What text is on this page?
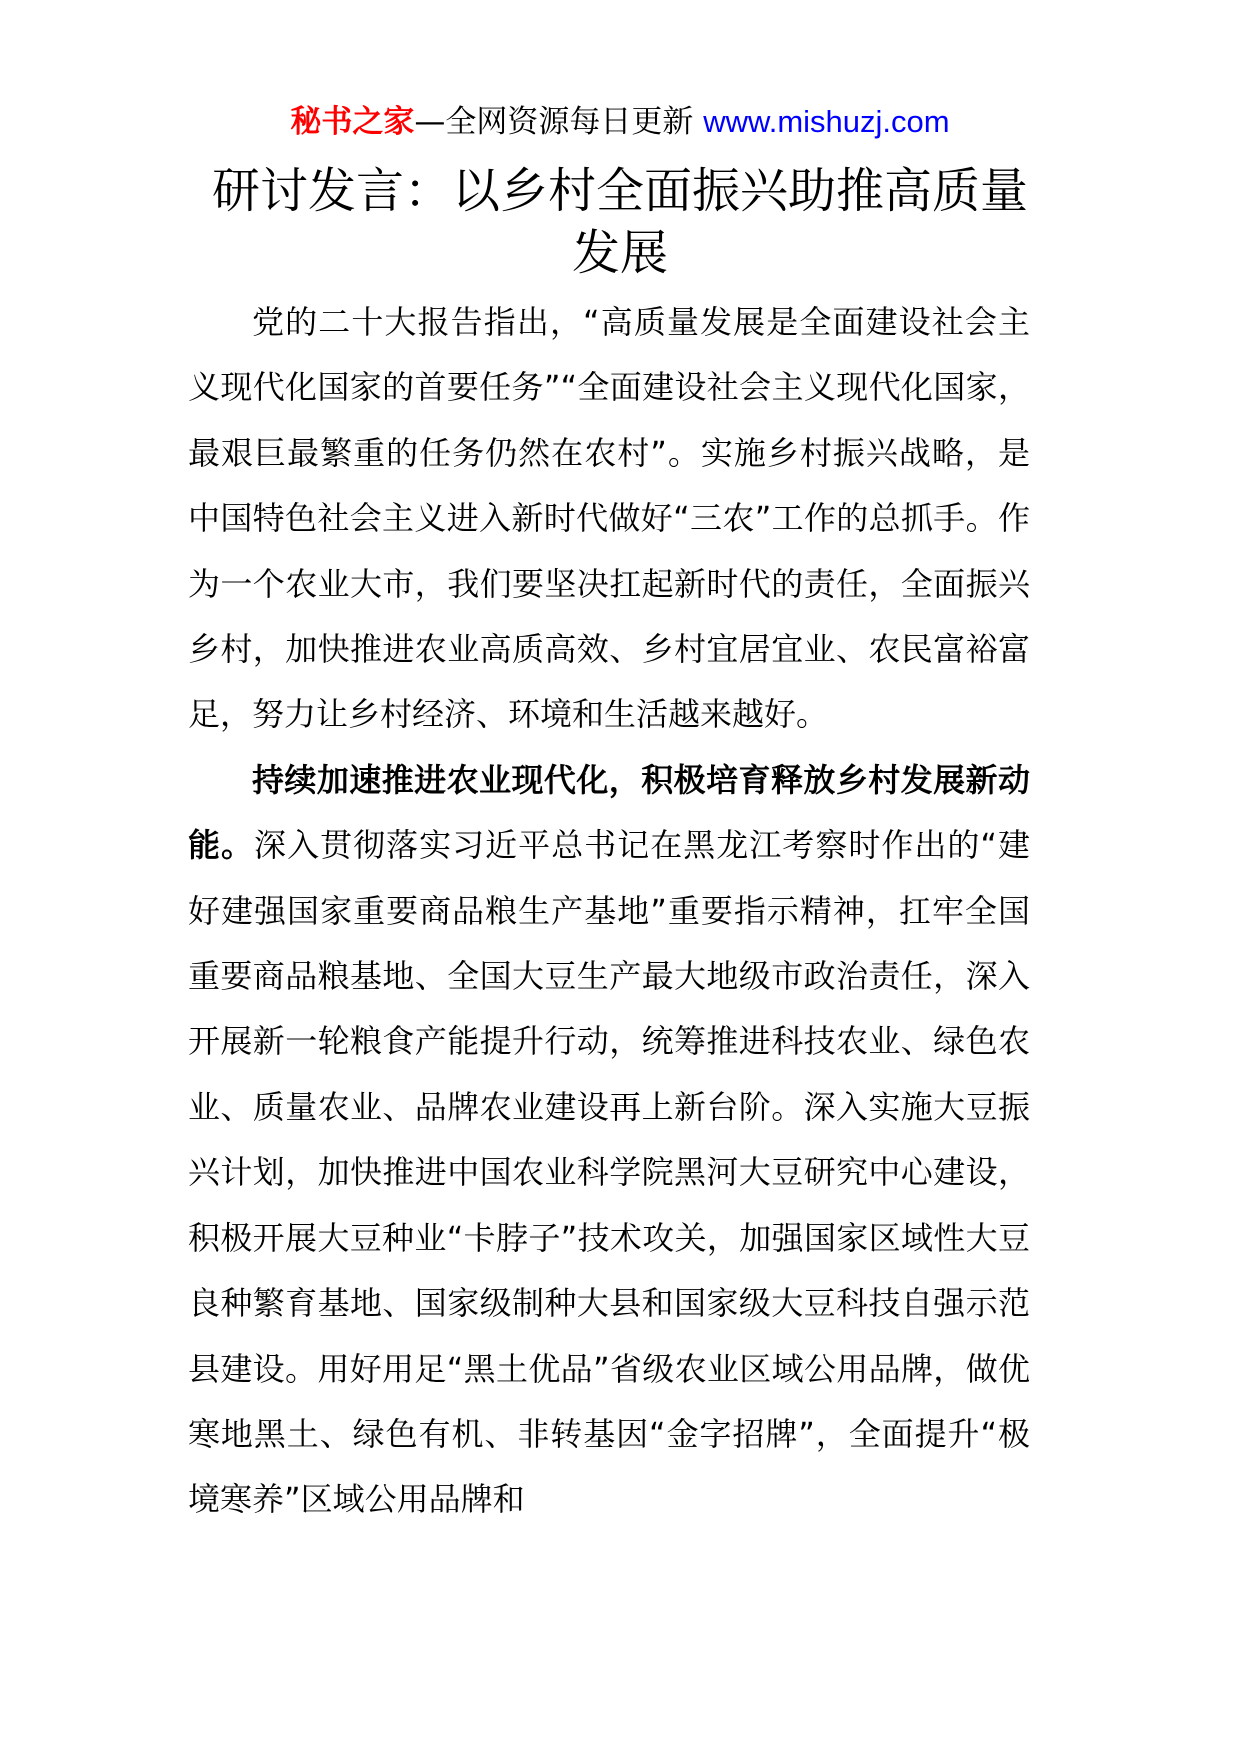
秘书之家—全网资源每日更新 www.mishuzj.com
研讨发言：以乡村全面振兴助推高质量发展

党的二十大报告指出，“高质量发展是全面建设社会主义现代化国家的首要任务”“全面建设社会主义现代化国家，最艰巨最繁重的任务仍然在农村”。实施乡村振兴战略，是中国特色社会主义进入新时代做好“三农”工作的总抓手。作为一个农业大市，我们要坚决扛起新时代的责任，全面振兴乡村，加快推进农业高质高效、乡村宜居宜业、农民富裕富足，努力让乡村经济、环境和生活越来越好。

持续加速推进农业现代化，积极培育释放乡村发展新动能。深入贯彻落实习近平总书记在黑龙江考察时作出的“建好建强国家重要商品粮生产基地”重要指示精神，扛牢全国重要商品粮基地、全国大豆生产最大地级市政治责任，深入开展新一轮粮食产能提升行动，统筹推进科技农业、绿色农业、质量农业、品牌农业建设再上新台阶。深入实施大豆振兴计划，加快推进中国农业科学院黑河大豆研究中心建设，积极开展大豆种业“卡脖子”技术攻关，加强国家区域性大豆良种繁育基地、国家级制种大县和国家级大豆科技自强示范县建设。用好用足“黑土优品”省级农业区域公用品牌，做优寒地黑土、绿色有机、非转基因“金字招牌”，全面提升“极境寒养”区域公用品牌和
